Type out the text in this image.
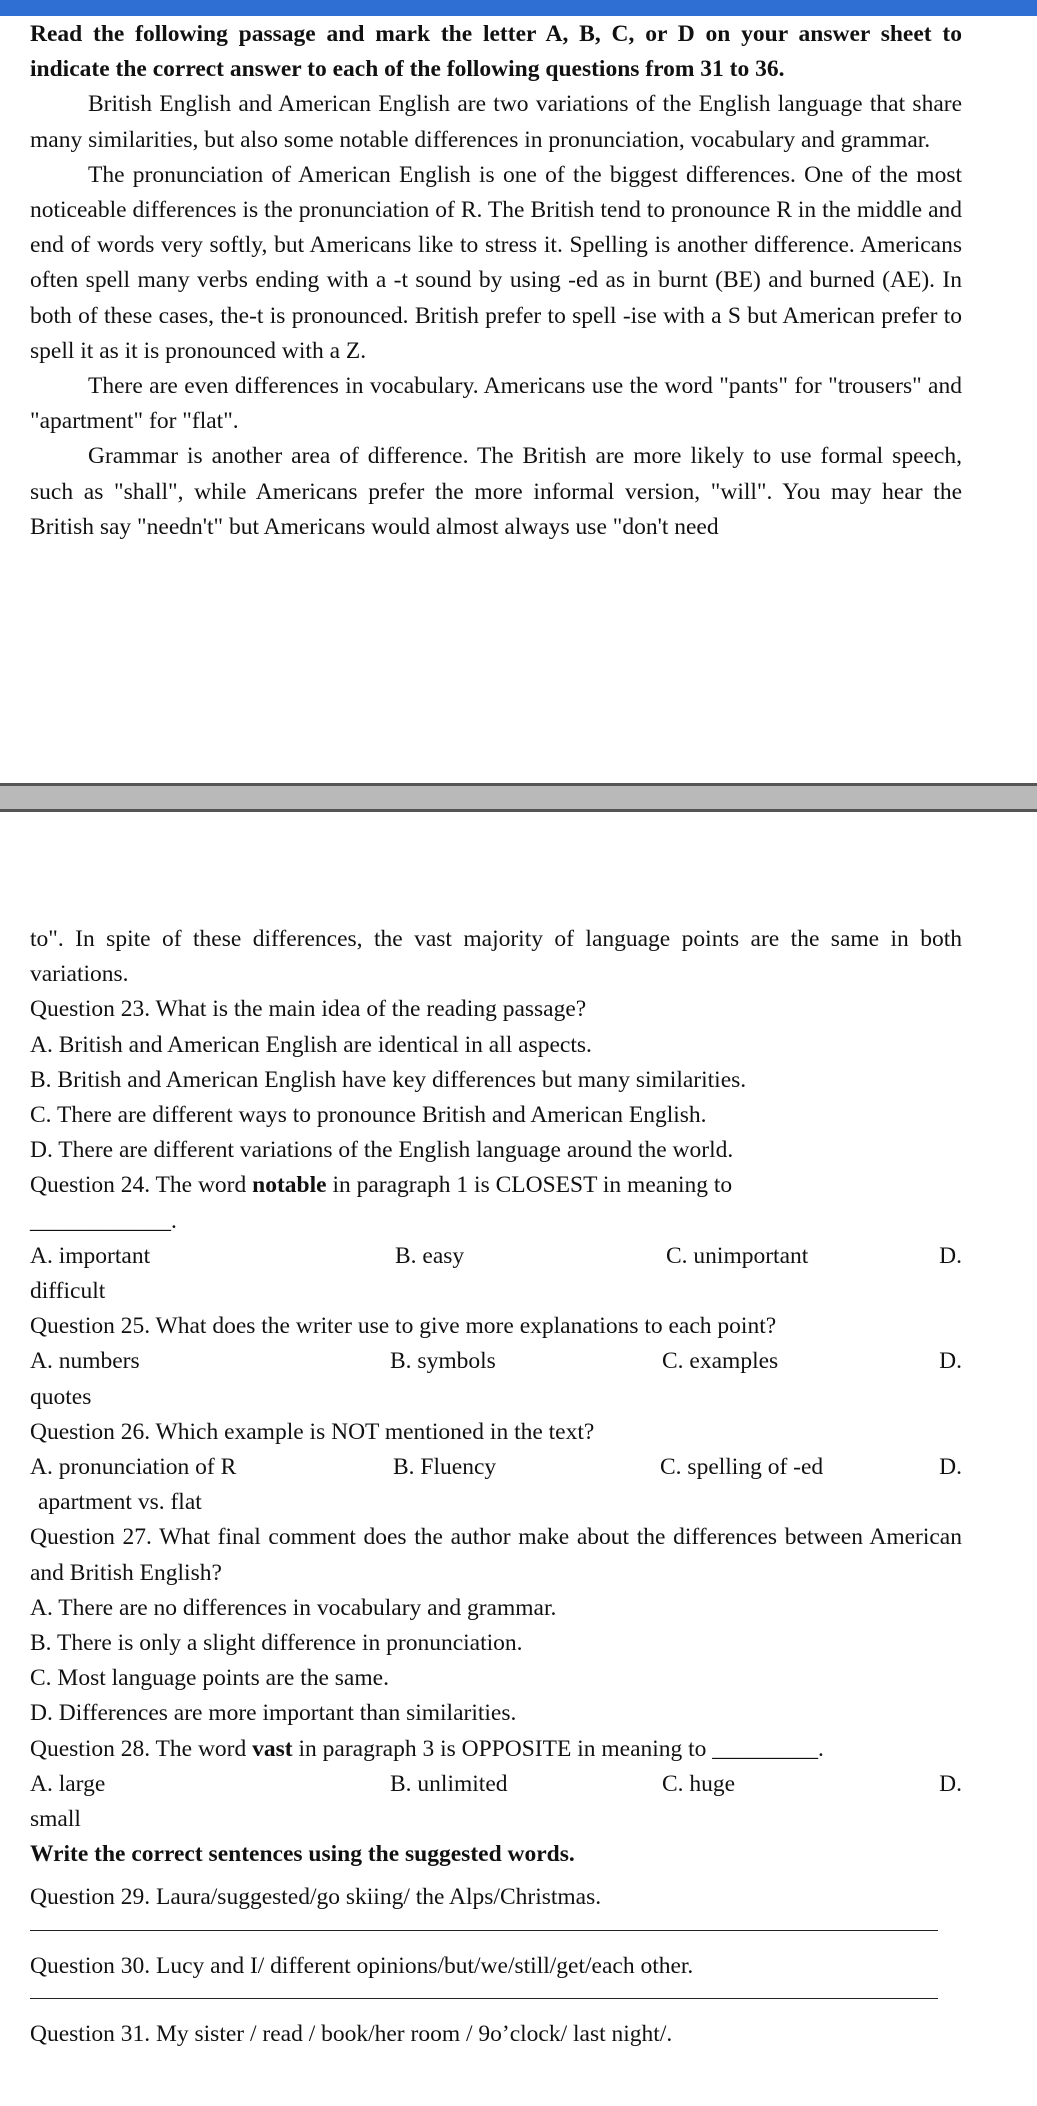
Read the following passage and mark the letter A, B, C, or D on your answer sheet to indicate the correct answer to each of the following questions from 31 to 36.

British English and American English are two variations of the English language that share many similarities, but also some notable differences in pronunciation, vocabulary and grammar.

The pronunciation of American English is one of the biggest differences. One of the most noticeable differences is the pronunciation of R. The British tend to pronounce R in the middle and end of words very softly, but Americans like to stress it. Spelling is another difference. Americans often spell many verbs ending with a -t sound by using -ed as in burnt (BE) and burned (AE). In both of these cases, the-t is pronounced. British prefer to spell -ise with a S but American prefer to spell it as it is pronounced with a Z.

There are even differences in vocabulary. Americans use the word "pants" for "trousers" and "apartment" for "flat".

Grammar is another area of difference. The British are more likely to use formal speech, such as "shall", while Americans prefer the more informal version, "will". You may hear the British say "needn't" but Americans would almost always use "don't need

to". In spite of these differences, the vast majority of language points are the same in both variations.

Question 23. What is the main idea of the reading passage?

A. British and American English are identical in all aspects.

B. British and American English have key differences but many similarities.

C. There are different ways to pronounce British and American English.

D. There are different variations of the English language around the world.

Question 24. The word notable in paragraph 1 is CLOSEST in meaning to

____________.

A. important	B. easy	C. unimportant	D.

difficult

Question 25. What does the writer use to give more explanations to each point?

A. numbers	B. symbols	C. examples	D.

quotes

Question 26. Which example is NOT mentioned in the text?

A. pronunciation of R	B. Fluency	C. spelling of -ed	D.

apartment vs. flat

Question 27. What final comment does the author make about the differences between American and British English?

A. There are no differences in vocabulary and grammar.

B. There is only a slight difference in pronunciation.

C. Most language points are the same.

D. Differences are more important than similarities.

Question 28. The word vast in paragraph 3 is OPPOSITE in meaning to _________.

A. large	B. unlimited	C. huge	D.

small

Write the correct sentences using the suggested words.

Question 29. Laura/suggested/go skiing/ the Alps/Christmas.

Question 30. Lucy and I/ different opinions/but/we/still/get/each other.

Question 31. My sister / read / book/her room / 9o’clock/ last night/.
